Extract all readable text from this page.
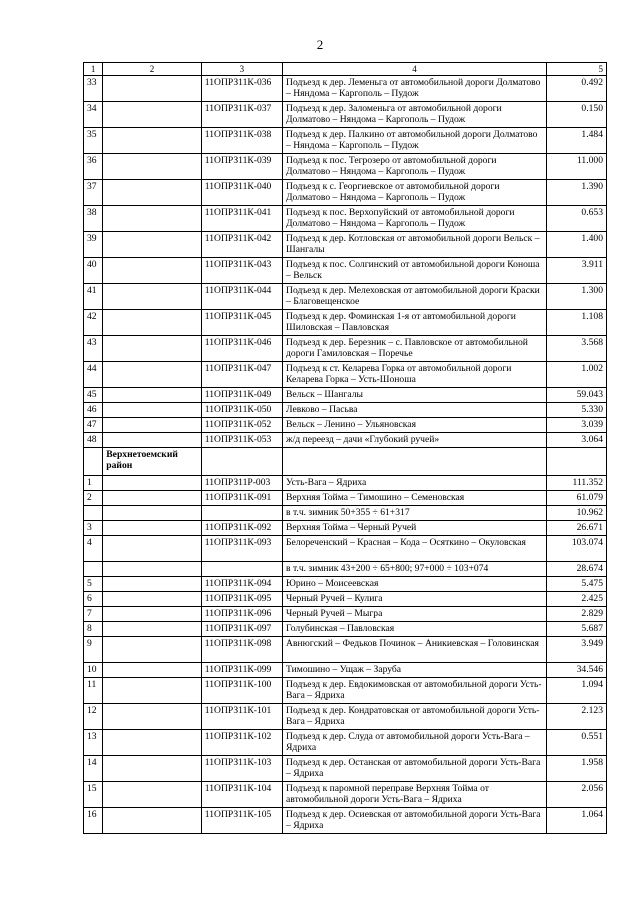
2
1	2	3	4	5
33		11ОПРЗ11К-036	Подъезд к дер. Леменьга от автомобильной дороги Долматово – Няндома – Каргополь – Пудож	0.492
34		11ОПРЗ11К-037	Подъезд к дер. Заломеньга от автомобильной дороги Долматово – Няндома – Каргополь – Пудож	0.150
35		11ОПРЗ11К-038	Подъезд к дер. Палкино от автомобильной дороги Долматово – Няндома – Каргополь – Пудож	1.484
36		11ОПРЗ11К-039	Подъезд к пос. Тегрозеро от автомобильной дороги Долматово – Няндома – Каргополь – Пудож	11.000
37		11ОПРЗ11К-040	Подъезд к с. Георгиевское от автомобильной дороги Долматово – Няндома – Каргополь – Пудож	1.390
38		11ОПРЗ11К-041	Подъезд к пос. Верхопуйский от автомобильной дороги Долматово – Няндома – Каргополь – Пудож	0.653
39		11ОПРЗ11К-042	Подъезд к дер. Котловская от автомобильной дороги Вельск – Шангалы	1.400
40		11ОПРЗ11К-043	Подъезд к пос. Солгинский от автомобильной дороги Коноша – Вельск	3.911
41		11ОПРЗ11К-044	Подъезд к дер. Мелеховская от автомобильной дороги Краски – Благовещенское	1.300
42		11ОПРЗ11К-045	Подъезд к дер. Фоминская 1-я от автомобильной дороги Шиловская – Павловская	1.108
43		11ОПРЗ11К-046	Подъезд к дер. Березник – с. Павловское от автомобильной дороги Гамиловская – Поречье	3.568
44		11ОПРЗ11К-047	Подъезд к ст. Келарева Горка от автомобильной дороги Келарева Горка – Усть-Шоноша	1.002
45		11ОПРЗ11К-049	Вельск – Шангалы	59.043
46		11ОПРЗ11К-050	Левково – Пасьва	5.330
47		11ОПРЗ11К-052	Вельск – Ленино – Ульяновская	3.039
48		11ОПРЗ11К-053	ж/д переезд – дачи «Глубокий ручей»	3.064
	Верхнетоемский район			
1		11ОПРЗ11Р-003	Усть-Вага – Ядриха	111.352
2		11ОПРЗ11К-091	Верхняя Тойма – Тимошино – Семеновская	61.079
			в т.ч. зимник 50+355 ÷ 61+317	10.962
3		11ОПРЗ11К-092	Верхняя Тойма – Черный Ручей	26.671
4		11ОПРЗ11К-093	Белореченский – Красная – Кода – Осяткино – Окуловская	103.074
			в т.ч. зимник 43+200 ÷ 65+800; 97+000 ÷ 103+074	28.674
5		11ОПРЗ11К-094	Юрино – Моисеевская	5.475
6		11ОПРЗ11К-095	Черный Ручей – Кулига	2.425
7		11ОПРЗ11К-096	Черный Ручей – Мыгра	2.829
8		11ОПРЗ11К-097	Голубинская – Павловская	5.687
9		11ОПРЗ11К-098	Авнюгский – Федьков Починок – Аникиевская – Головинская	3.949
10		11ОПРЗ11К-099	Тимошино – Ущаж – Заруба	34.546
11		11ОПРЗ11К-100	Подъезд к дер. Евдокимовская от автомобильной дороги Усть-Вага – Ядриха	1.094
12		11ОПРЗ11К-101	Подъезд к дер. Кондратовская от автомобильной дороги Усть-Вага – Ядриха	2.123
13		11ОПРЗ11К-102	Подъезд к дер. Слуда от автомобильной дороги Усть-Вага – Ядриха	0.551
14		11ОПРЗ11К-103	Подъезд к дер. Останская от автомобильной дороги Усть-Вага – Ядриха	1.958
15		11ОПРЗ11К-104	Подъезд к паромной переправе Верхняя Тойма от автомобильной дороги Усть-Вага – Ядриха	2.056
16		11ОПРЗ11К-105	Подъезд к дер. Осиевская от автомобильной дороги Усть-Вага – Ядриха	1.064
